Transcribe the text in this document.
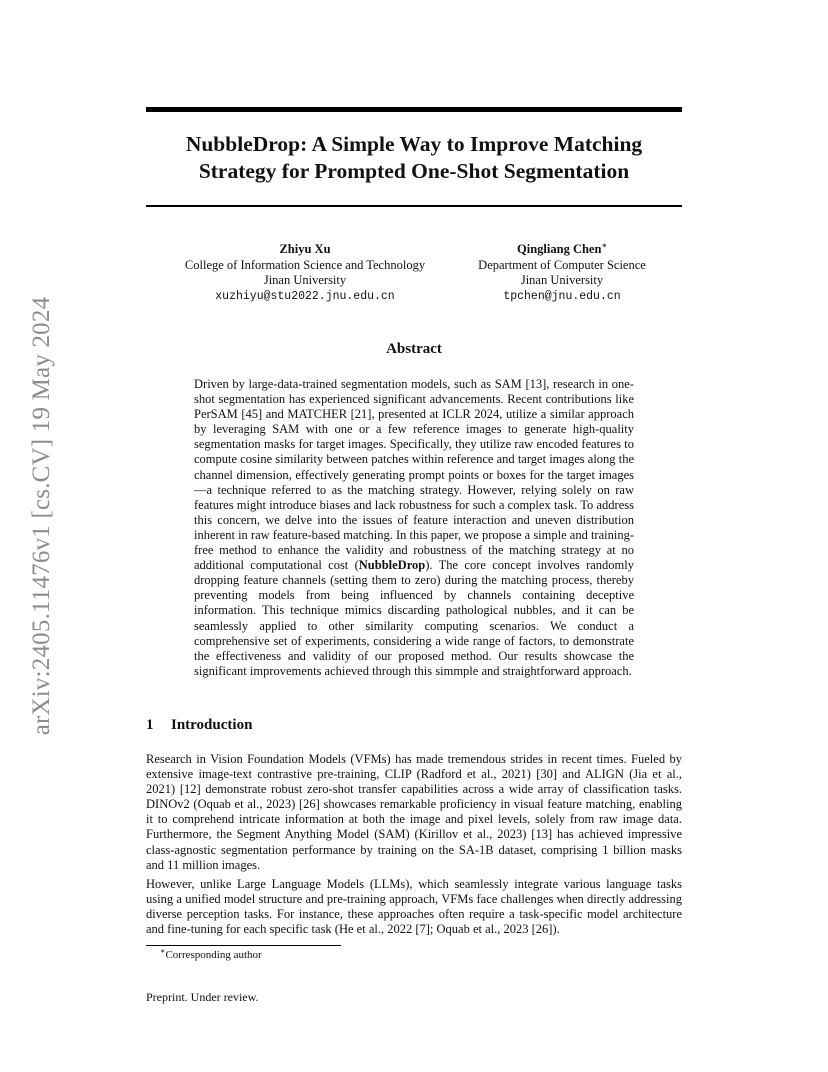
arXiv:2405.11476v1 [cs.CV] 19 May 2024
NubbleDrop: A Simple Way to Improve Matching
Strategy for Prompted One-Shot Segmentation
Zhiyu Xu
College of Information Science and Technology
Jinan University
xuzhiyu@stu2022.jnu.edu.cn
Qingliang Chen∗
Department of Computer Science
Jinan University
tpchen@jnu.edu.cn
Abstract

Driven by large-data-trained segmentation models, such as SAM [13], research in one-shot segmentation has experienced significant advancements. Recent contributions like PerSAM [45] and MATCHER [21], presented at ICLR 2024, utilize a similar approach by leveraging SAM with one or a few reference images to generate high-quality segmentation masks for target images. Specifically, they utilize raw encoded features to compute cosine similarity between patches within reference and target images along the channel dimension, effectively generating prompt points or boxes for the target images—a technique referred to as the matching strategy. However, relying solely on raw features might introduce biases and lack robustness for such a complex task. To address this concern, we delve into the issues of feature interaction and uneven distribution inherent in raw feature-based matching. In this paper, we propose a simple and training-free method to enhance the validity and robustness of the matching strategy at no additional computational cost (NubbleDrop). The core concept involves randomly dropping feature channels (setting them to zero) during the matching process, thereby preventing models from being influenced by channels containing deceptive information. This technique mimics discarding pathological nubbles, and it can be seamlessly applied to other similarity computing scenarios. We conduct a comprehensive set of experiments, considering a wide range of factors, to demonstrate the effectiveness and validity of our proposed method. Our results showcase the significant improvements achieved through this simmple and straightforward approach.

1 Introduction

Research in Vision Foundation Models (VFMs) has made tremendous strides in recent times. Fueled by extensive image-text contrastive pre-training, CLIP (Radford et al., 2021) [30] and ALIGN (Jia et al., 2021) [12] demonstrate robust zero-shot transfer capabilities across a wide array of classification tasks. DINOv2 (Oquab et al., 2023) [26] showcases remarkable proficiency in visual feature matching, enabling it to comprehend intricate information at both the image and pixel levels, solely from raw image data. Furthermore, the Segment Anything Model (SAM) (Kirillov et al., 2023) [13] has achieved impressive class-agnostic segmentation performance by training on the SA-1B dataset, comprising 1 billion masks and 11 million images.

However, unlike Large Language Models (LLMs), which seamlessly integrate various language tasks using a unified model structure and pre-training approach, VFMs face challenges when directly addressing diverse perception tasks. For instance, these approaches often require a task-specific model architecture and fine-tuning for each specific task (He et al., 2022 [7]; Oquab et al., 2023 [26]).

∗Corresponding author

Preprint. Under review.
